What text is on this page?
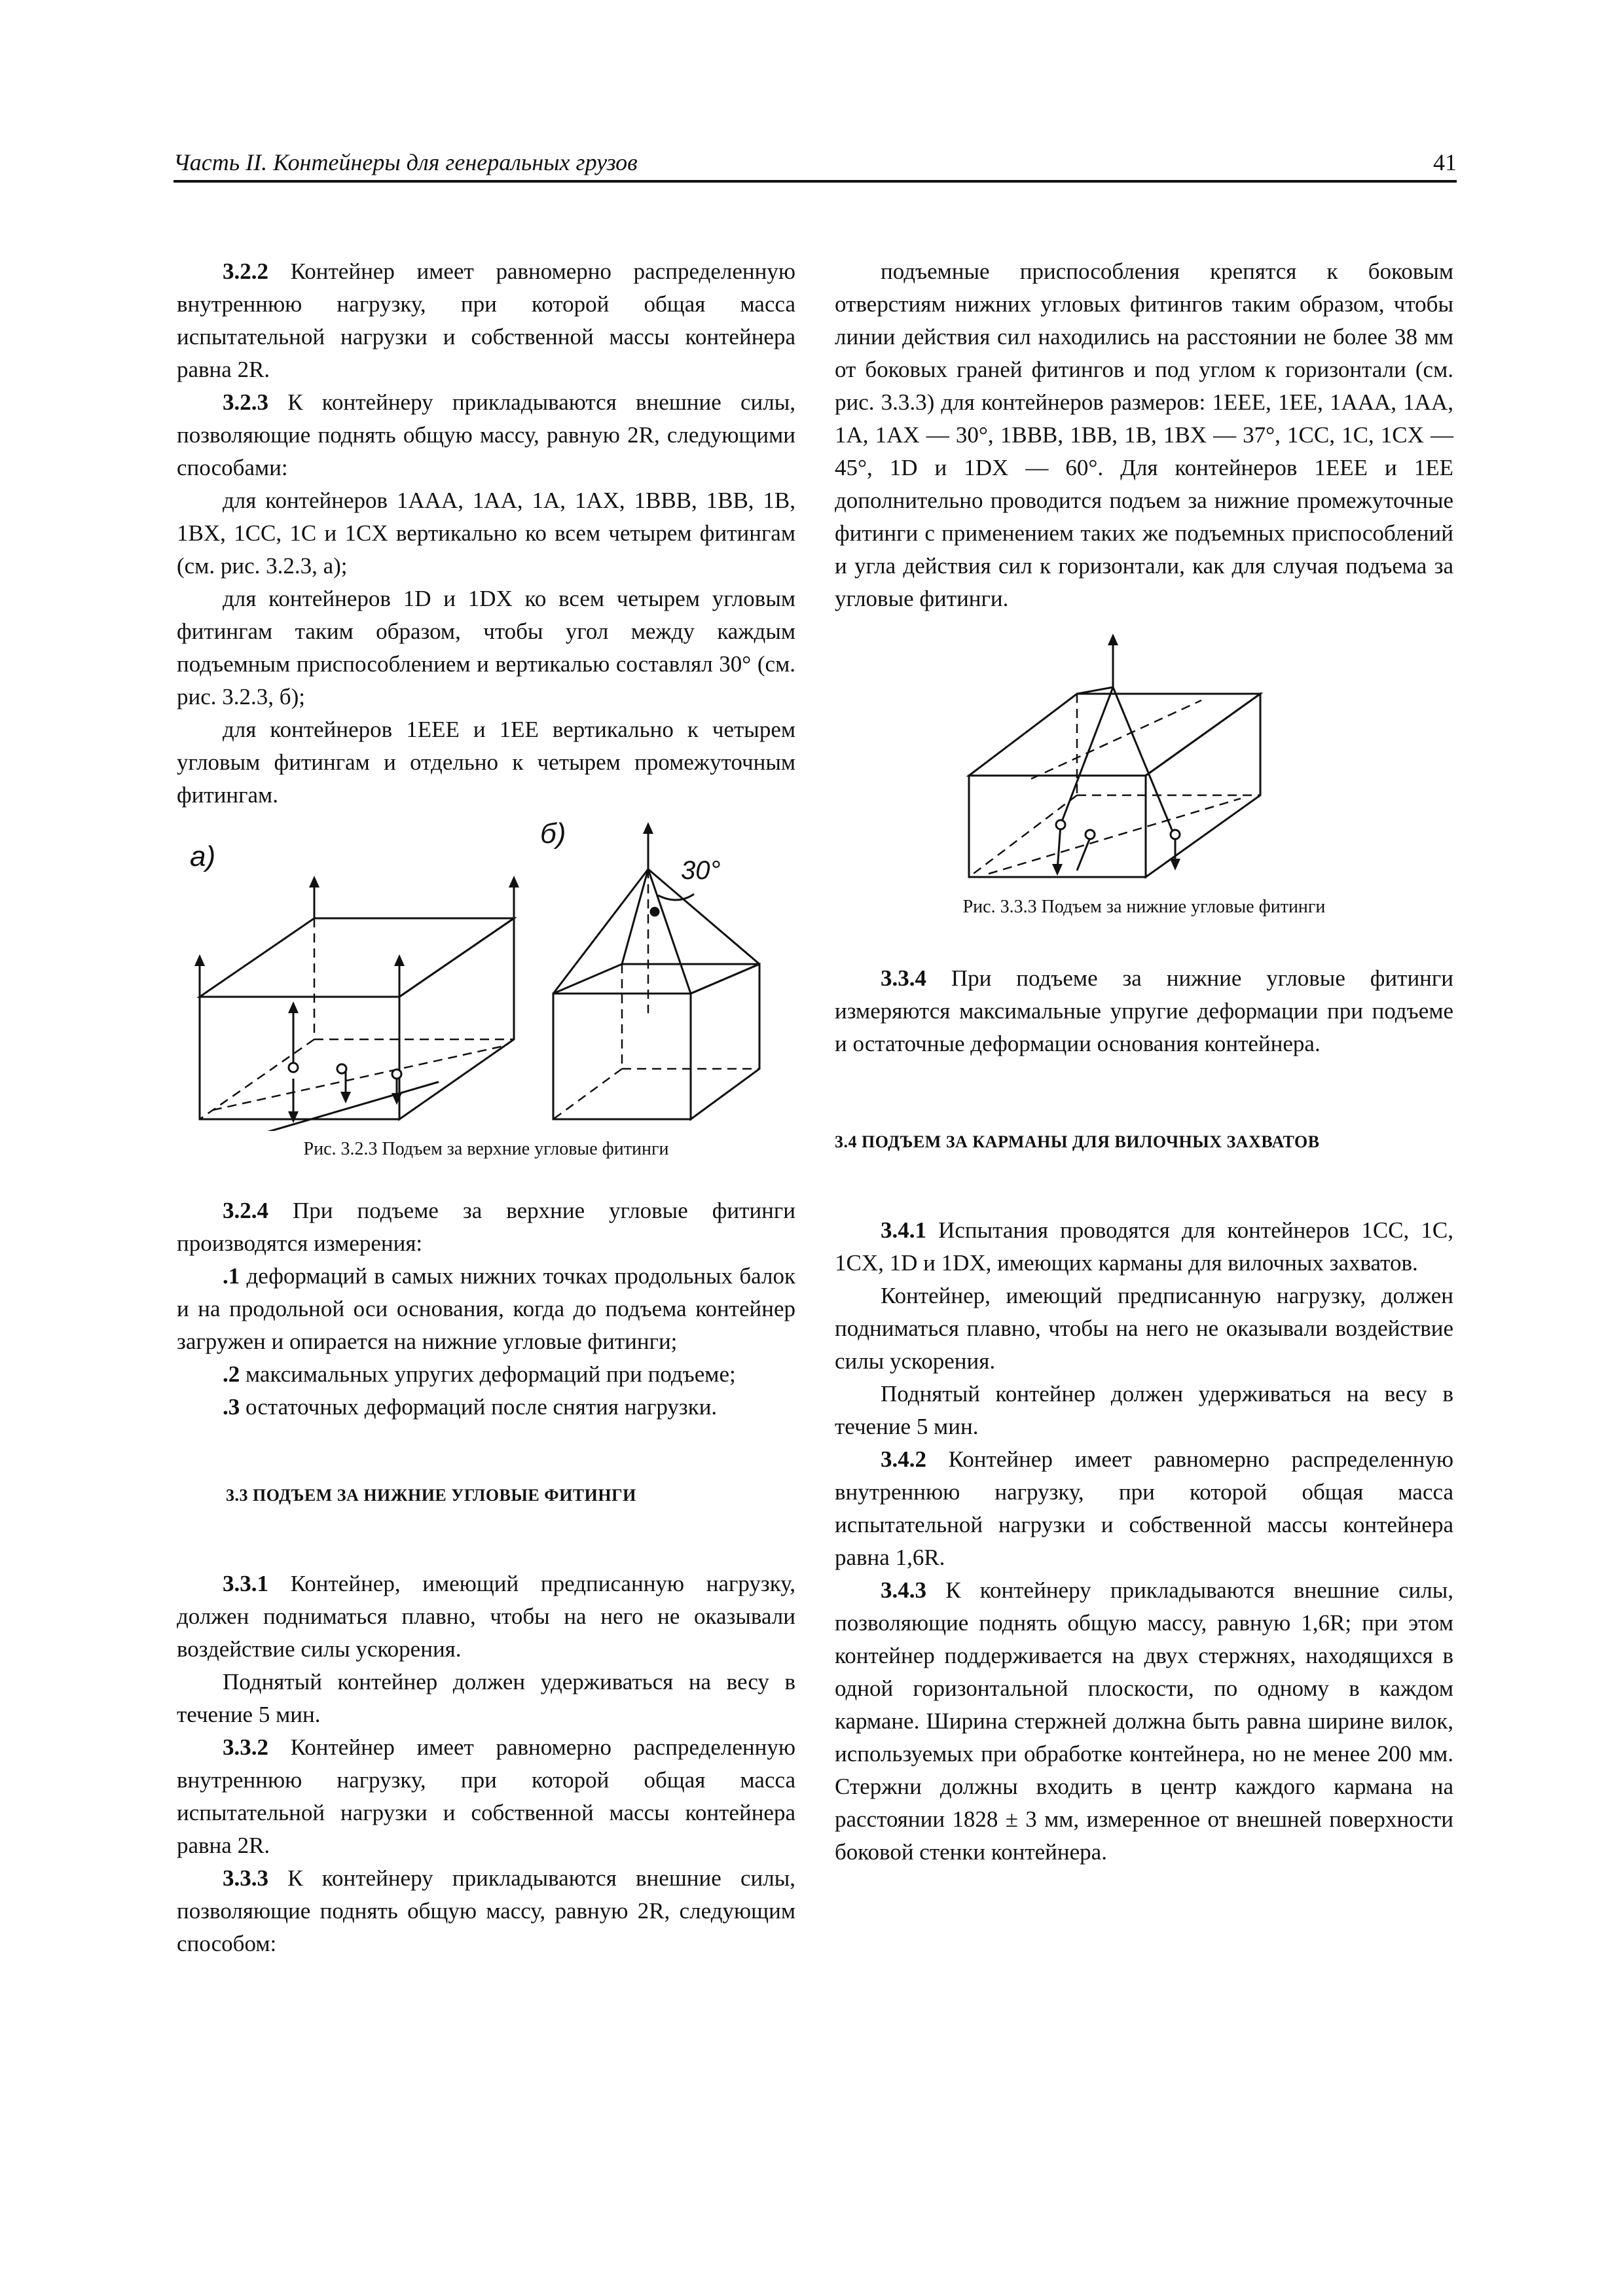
Часть II. Контейнеры для генеральных грузов	41

3.2.2 Контейнер имеет равномерно распределенную внутреннюю нагрузку, при которой общая масса испытательной нагрузки и собственной массы контейнера равна 2R.

3.2.3 К контейнеру прикладываются внешние силы, позволяющие поднять общую массу, равную 2R, следующими способами:

для контейнеров 1AAA, 1AA, 1A, 1AX, 1BBB, 1BB, 1B, 1BX, 1CC, 1C и 1CX вертикально ко всем четырем фитингам (см. рис. 3.2.3, а);

для контейнеров 1D и 1DX ко всем четырем угловым фитингам таким образом, чтобы угол между каждым подъемным приспособлением и вертикалью составлял 30° (см. рис. 3.2.3, б);

для контейнеров 1EEE и 1EE вертикально к четырем угловым фитингам и отдельно к четырем промежуточным фитингам.

а)
б)
30°
Рис. 3.2.3 Подъем за верхние угловые фитинги

3.2.4 При подъеме за верхние угловые фитинги производятся измерения:

.1 деформаций в самых нижних точках продольных балок и на продольной оси основания, когда до подъема контейнер загружен и опирается на нижние угловые фитинги;

.2 максимальных упругих деформаций при подъеме;

.3 остаточных деформаций после снятия нагрузки.

3.3 ПОДЪЕМ ЗА НИЖНИЕ УГЛОВЫЕ ФИТИНГИ

3.3.1 Контейнер, имеющий предписанную нагрузку, должен подниматься плавно, чтобы на него не оказывали воздействие силы ускорения.

Поднятый контейнер должен удерживаться на весу в течение 5 мин.

3.3.2 Контейнер имеет равномерно распределенную внутреннюю нагрузку, при которой общая масса испытательной нагрузки и собственной массы контейнера равна 2R.

3.3.3 К контейнеру прикладываются внешние силы, позволяющие поднять общую массу, равную 2R, следующим способом:

подъемные приспособления крепятся к боковым отверстиям нижних угловых фитингов таким образом, чтобы линии действия сил находились на расстоянии не более 38 мм от боковых граней фитингов и под углом к горизонтали (см. рис. 3.3.3) для контейнеров размеров: 1EEE, 1EE, 1AAA, 1AA, 1A, 1AX — 30°, 1BBB, 1BB, 1B, 1BX — 37°, 1CC, 1C, 1CX — 45°, 1D и 1DX — 60°. Для контейнеров 1EEE и 1EE дополнительно проводится подъем за нижние промежуточные фитинги с применением таких же подъемных приспособлений и угла действия сил к горизонтали, как для случая подъема за угловые фитинги.

Рис. 3.3.3 Подъем за нижние угловые фитинги

3.3.4 При подъеме за нижние угловые фитинги измеряются максимальные упругие деформации при подъеме и остаточные деформации основания контейнера.

3.4 ПОДЪЕМ ЗА КАРМАНЫ ДЛЯ ВИЛОЧНЫХ ЗАХВАТОВ

3.4.1 Испытания проводятся для контейнеров 1CC, 1C, 1CX, 1D и 1DX, имеющих карманы для вилочных захватов.

Контейнер, имеющий предписанную нагрузку, должен подниматься плавно, чтобы на него не оказывали воздействие силы ускорения.

Поднятый контейнер должен удерживаться на весу в течение 5 мин.

3.4.2 Контейнер имеет равномерно распределенную внутреннюю нагрузку, при которой общая масса испытательной нагрузки и собственной массы контейнера равна 1,6R.

3.4.3 К контейнеру прикладываются внешние силы, позволяющие поднять общую массу, равную 1,6R; при этом контейнер поддерживается на двух стержнях, находящихся в одной горизонтальной плоскости, по одному в каждом кармане. Ширина стержней должна быть равна ширине вилок, используемых при обработке контейнера, но не менее 200 мм. Стержни должны входить в центр каждого кармана на расстоянии 1828 ± 3 мм, измеренное от внешней поверхности боковой стенки контейнера.
